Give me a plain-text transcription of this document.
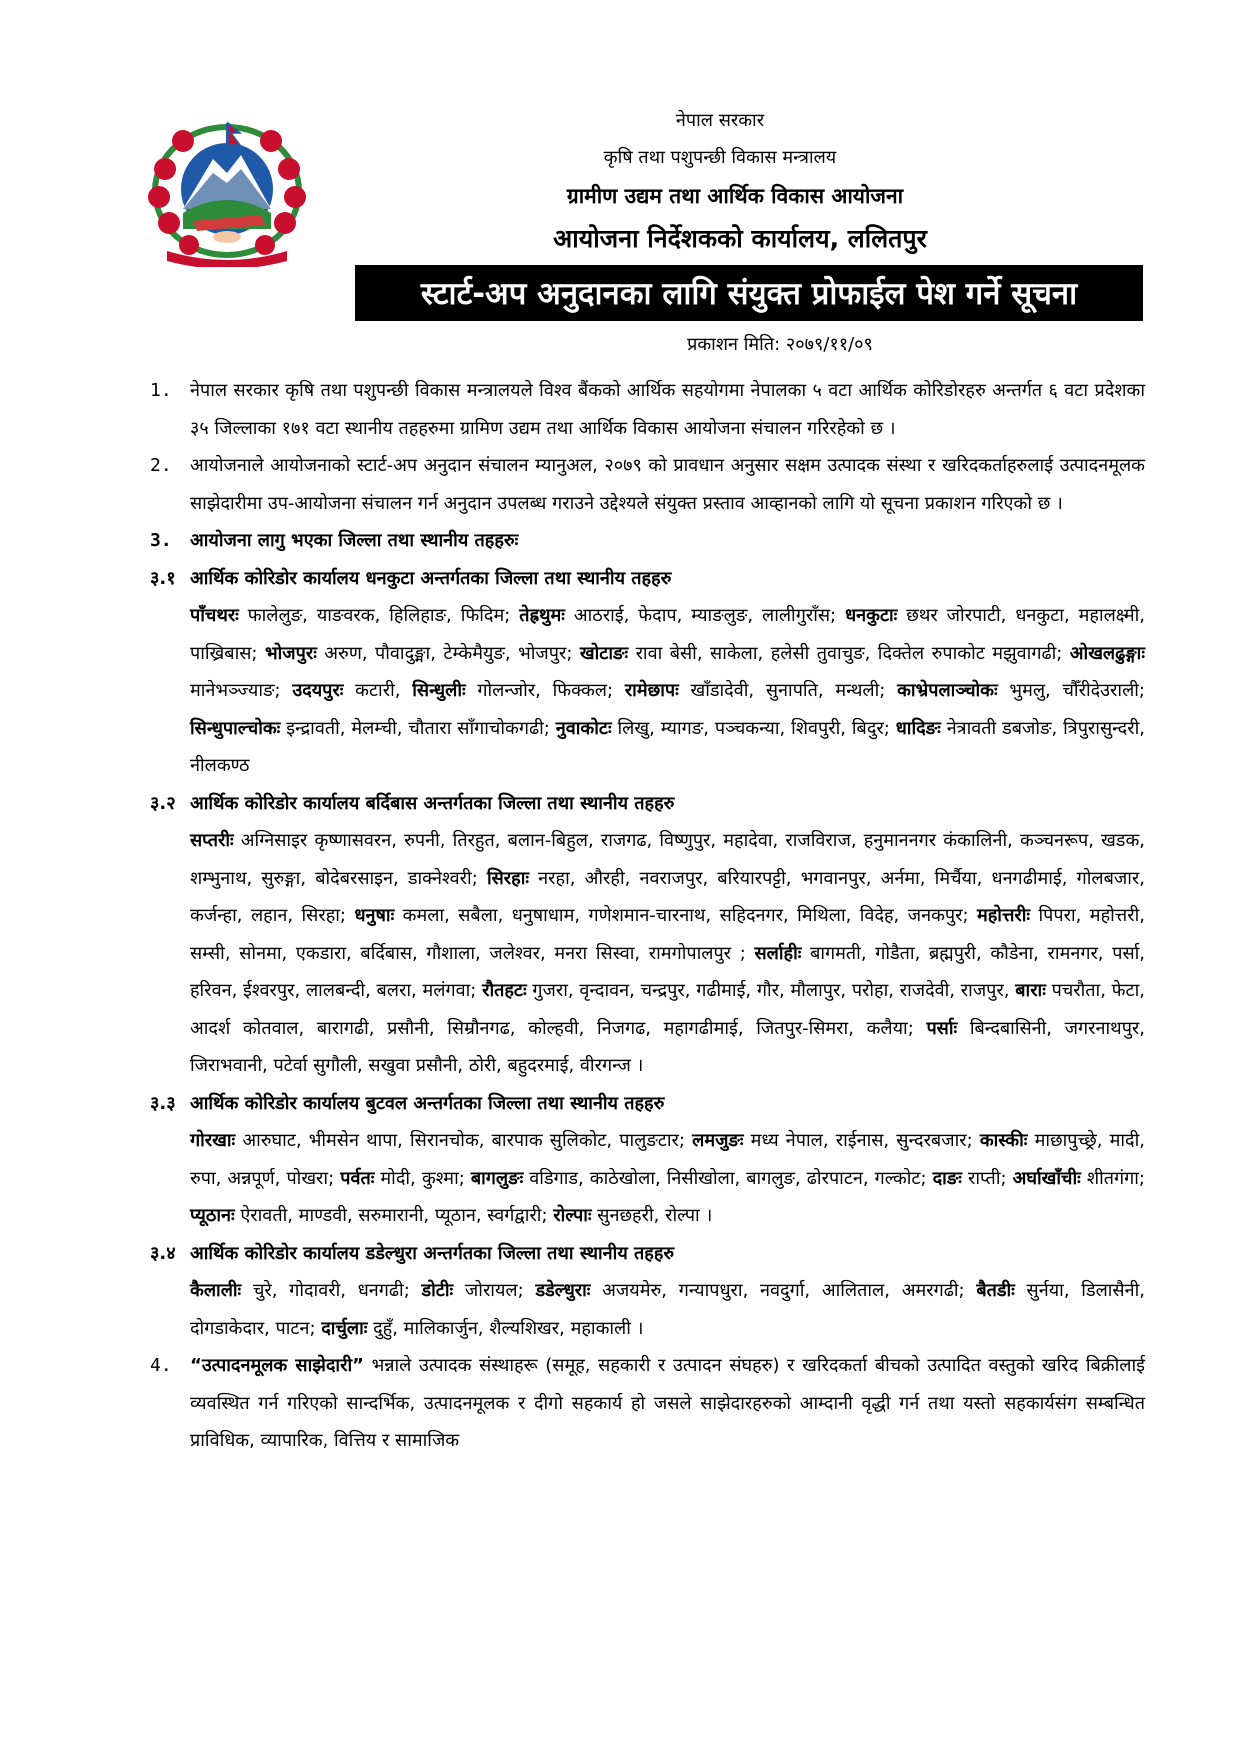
नेपाल सरकार
कृषि तथा पशुपन्छी विकास मन्त्रालय
ग्रामीण उद्यम तथा आर्थिक विकास आयोजना
आयोजना निर्देशकको कार्यालय, ललितपुर
स्टार्ट-अप अनुदानका लागि संयुक्त प्रोफाईल पेश गर्ने सूचना
प्रकाशन मिति: २०७९/११/०९
1.	नेपाल सरकार कृषि तथा पशुपन्छी विकास मन्त्रालयले विश्व बैंकको आर्थिक सहयोगमा नेपालका ५ वटा आर्थिक कोरिडोरहरु अन्तर्गत ६ वटा प्रदेशका ३५ जिल्लाका १७१ वटा स्थानीय तहहरुमा ग्रामिण उद्यम तथा आर्थिक विकास आयोजना संचालन गरिरहेको छ ।
2.	आयोजनाले आयोजनाको स्टार्ट-अप अनुदान संचालन म्यानुअल, २०७९ को प्रावधान अनुसार सक्षम उत्पादक संस्था र खरिदकर्ताहरुलाई उत्पादनमूलक साझेदारीमा उप-आयोजना संचालन गर्न अनुदान उपलब्ध गराउने उद्देश्यले संयुक्त प्रस्ताव आव्हानको लागि यो सूचना प्रकाशन गरिएको छ ।
3.	आयोजना लागु भएका जिल्ला तथा स्थानीय तहहरुः
३.१ आर्थिक कोरिडोर कार्यालय धनकुटा अन्तर्गतका जिल्ला तथा स्थानीय तहहरु
पाँचथरः फालेलुङ, याङवरक, हिलिहाङ, फिदिम; तेह्रथुमः आठराई, फेदाप, म्याङलुङ, लालीगुराँस; धनकुटाः छथर जोरपाटी, धनकुटा, महालक्ष्मी, पाख्रिबास; भोजपुरः अरुण, पौवादुङ्मा, टेम्केमैयुङ, भोजपुर; खोटाङः रावा बेसी, साकेला, हलेसी तुवाचुङ, दिक्तेल रुपाकोट मझुवागढी; ओखलढुङ्गाः मानेभञ्ज्याङ; उदयपुरः कटारी, सिन्धुलीः गोलन्जोर, फिक्कल; रामेछापः खाँडादेवी, सुनापति, मन्थली; काभ्रेपलाञ्चोकः भुमलु, चौँरीदेउराली; सिन्धुपाल्चोकः इन्द्रावती, मेलम्ची, चौतारा साँगाचोकगढी; नुवाकोटः लिखु, म्यागङ, पञ्चकन्या, शिवपुरी, बिदुर; धादिङः नेत्रावती डबजोङ, त्रिपुरासुन्दरी, नीलकण्ठ
३.२ आर्थिक कोरिडोर कार्यालय बर्दिबास अन्तर्गतका जिल्ला तथा स्थानीय तहहरु
सप्तरीः अग्निसाइर कृष्णासवरन, रुपनी, तिरहुत, बलान-बिहुल, राजगढ, विष्णुपुर, महादेवा, राजविराज, हनुमाननगर कंकालिनी, कञ्चनरूप, खडक, शम्भुनाथ, सुरुङ्गा, बोदेबरसाइन, डाक्नेश्वरी; सिरहाः नरहा, औरही, नवराजपुर, बरियारपट्टी, भगवानपुर, अर्नमा, मिर्चैया, धनगढीमाई, गोलबजार, कर्जन्हा, लहान, सिरहा; धनुषाः कमला, सबैला, धनुषाधाम, गणेशमान-चारनाथ, सहिदनगर, मिथिला, विदेह, जनकपुर; महोत्तरीः पिपरा, महोत्तरी, सम्सी, सोनमा, एकडारा, बर्दिबास, गौशाला, जलेश्वर, मनरा सिस्वा, रामगोपालपुर ; सर्लाहीः बागमती, गोडैता, ब्रह्मपुरी, कौडेना, रामनगर, पर्सा, हरिवन, ईश्वरपुर, लालबन्दी, बलरा, मलंगवा; रौतहटः गुजरा, वृन्दावन, चन्द्रपुर, गढीमाई, गौर, मौलापुर, परोहा, राजदेवी, राजपुर, बाराः पचरौता, फेटा, आदर्श कोतवाल, बारागढी, प्रसौनी, सिम्रौनगढ, कोल्हवी, निजगढ, महागढीमाई, जितपुर-सिमरा, कलैया; पर्साः बिन्दबासिनी, जगरनाथपुर, जिराभवानी, पटेर्वा सुगौली, सखुवा प्रसौनी, ठोरी, बहुदरमाई, वीरगन्ज ।
३.३ आर्थिक कोरिडोर कार्यालय बुटवल अन्तर्गतका जिल्ला तथा स्थानीय तहहरु
गोरखाः आरुघाट, भीमसेन थापा, सिरानचोक, बारपाक सुलिकोट, पालुङटार; लमजुङः मध्य नेपाल, राईनास, सुन्दरबजार; कास्कीः माछापुच्छ्रे, मादी, रुपा, अन्नपूर्ण, पोखरा; पर्वतः मोदी, कुश्मा; बागलुङः वडिगाड, काठेखोला, निसीखोला, बागलुङ, ढोरपाटन, गल्कोट; दाङः राप्ती; अर्घाखाँचीः शीतगंगा; प्यूठानः ऐरावती, माण्डवी, सरुमारानी, प्यूठान, स्वर्गद्वारी; रोल्पाः सुनछहरी, रोल्पा ।
३.४ आर्थिक कोरिडोर कार्यालय डडेल्धुरा अन्तर्गतका जिल्ला तथा स्थानीय तहहरु
कैलालीः चुरे, गोदावरी, धनगढी; डोटीः जोरायल; डडेल्धुराः अजयमेरु, गन्यापधुरा, नवदुर्गा, आलिताल, अमरगढी; बैतडीः सुर्नया, डिलासैनी, दोगडाकेदार, पाटन; दार्चुलाः दुहुँ, मालिकार्जुन, शैल्यशिखर, महाकाली ।
4.	“उत्पादनमूलक साझेदारी” भन्नाले उत्पादक संस्थाहरू (समूह, सहकारी र उत्पादन संघहरु) र खरिदकर्ता बीचको उत्पादित वस्तुको खरिद बिक्रीलाई व्यवस्थित गर्न गरिएको सान्दर्भिक, उत्पादनमूलक र दीगो सहकार्य हो जसले साझेदारहरुको आम्दानी वृद्धी गर्न तथा यस्तो सहकार्यसंग सम्बन्धित प्राविधिक, व्यापारिक, वित्तिय र सामाजिक
